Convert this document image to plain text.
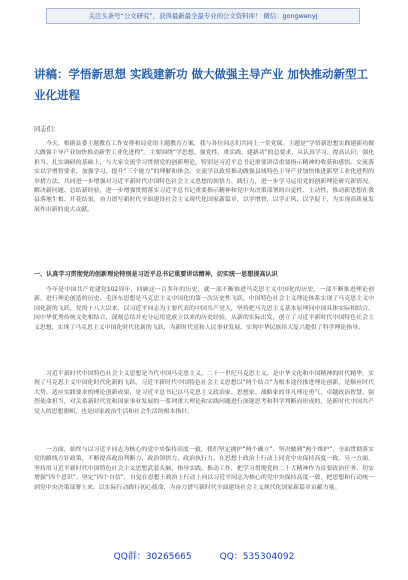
关注头条号“公文研究”，获得最新最全最专业的公文资料库！ 微信：gongwenyj
讲稿：学悟新思想 实践建新功 做大做强主导产业 加快推动新型工业化进程
同志们：

今天，根据县委主题教育工作安排和局党组主题教育方案，我与各位同志们共同上一堂党课。主题是“学悟新思想实践建新功做大做强主导产业加快推动新型工业化进程”。主要围绕“学思想、强党性、重实践、建新功”的总要求，从认真学习、提高认识、强化担当、扎实调研的基础上，与大家交流学习贯彻党的创新理论，特别是习近平总书记重要讲话重要指示精神的收获和感悟。交流落实以学增智要求，加强学习、提升“三个能力”的理解和体会。交流学以致用推动做强县域特色主导产业加快推进新型工业化进程的举措方法，共同进一步增强对习近平新时代中国特色社会主义思想的领悟力、践行力，进一步学习运用党的创新理论研究新情况、解决新问题、总结新经验，进一步增强贯彻落实习近平总书记重要指示精神和党中央决策部署的自觉性、主动性，推动新思想在我县落地生根、开花结果，奋力谱写新时代全面建设社会主义现代化国家新篇章，以学增智，以学正风，以学促干，为实现高质量发展作出新的更大贡献。

一、认真学习贯彻党的创新理论特别是习近平总书记重要讲话精神，切实统一思想提高认识

今年是中国共产党建党102周年，回顾这一百多年的历史，就一部不断推进马克思主义中国化的历史，一部不断推进理论创新、进行理论创造的历史，毛泽东思想是马克思主义中国化的第一次历史性飞跃，中国特色社会主义理论体系实现了马克思主义中国化新的飞跃，党的十八大以来，以习近平同志为主要代表的中国共产党人，坚持把马克思主义基本原理同中国具体实际相结合、同中华优秀传统文化相结合，深刻总结并充分运用党成立以来的历史经验，从新的实际出发，创立了习近平新时代中国特色社会主义思想，实现了马克思主义中国化时代化新的飞跃，为新时代党和人民事业发展、实现中华民族伟大复兴提供了科学理论指导。

习近平新时代中国特色社会主义思想是当代中国马克思主义、二十一世纪马克思主义，是中华文化和中国精神的时代精华，实现了马克思主义中国化时代化新的飞跃。习近平新时代中国特色社会主义思想以“两个结合”为根本途径推进理论创新，是顺应时代大势、适应实践要求的理论创新成果，是习近平总书记以马克思主义政治家、思想家、战略家的非凡理论勇气、卓越政治智慧、强烈使命担当，对关系新时代党和国家事业发展的一系列重大理论和实践问题进行深邃思考和科学判断而形成的，是新时代中国共产党人的思想旗帜，也是国家政治生活和社会生活的根本指针。

一方面，始终与以习近平同志为核心的党中央保持高度一致，我们坚定拥护“两个确立”、坚决做到“两个维护”，全面贯彻落实党的路线方针政策，不断提高政治判断力、政治领悟力、政治执行力，在思想上政治上行动上同党中央保持高度一致。另一方面，坚持用习近平新时代中国特色社会主义思想武装头脑、指导实践、推动工作，把学习贯彻党的二十大精神作为首要政治任务，切实增强“四个意识”、坚定“四个自信”，自觉在思想上政治上行动上同以习近平同志为核心的党中央保持高度一致，把思想和行动统一到党中央决策部署上来，以实际行动践行初心使命，为奋力谱写新时代全面建设社会主义现代化国家新篇章贡献力量。

QQ群：30265665	QQ：535304092
